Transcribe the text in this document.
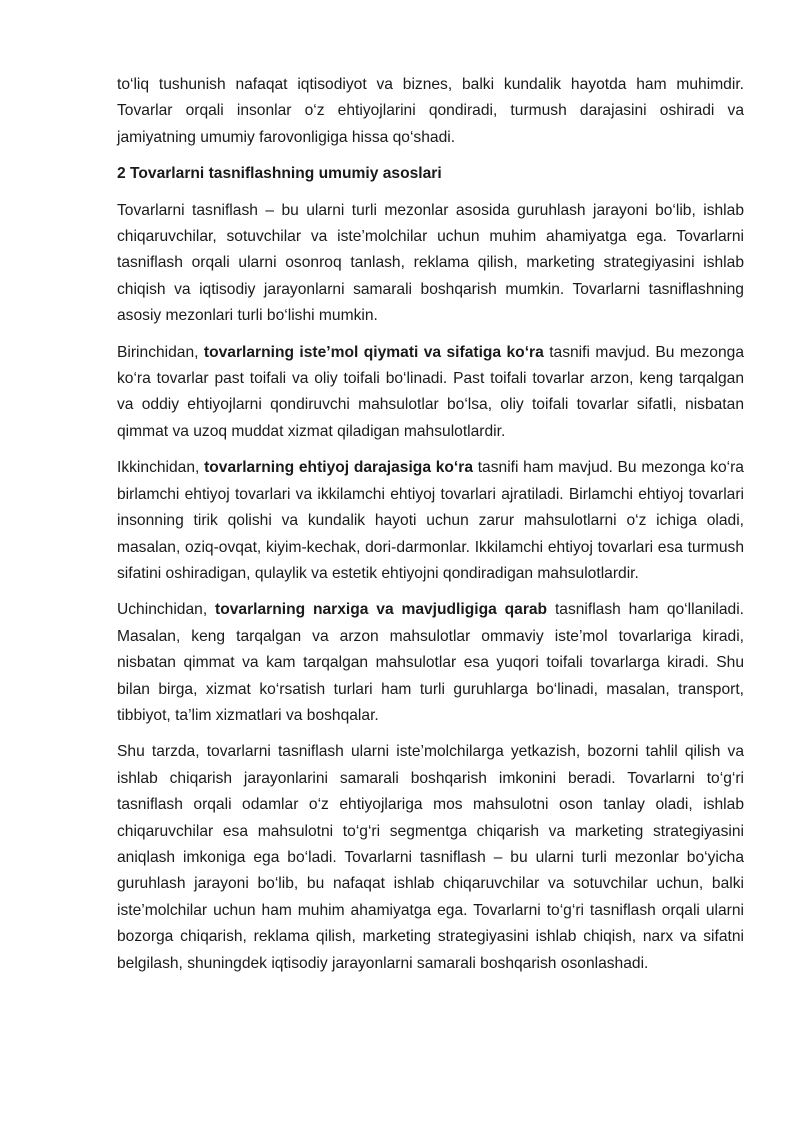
to‘liq tushunish nafaqat iqtisodiyot va biznes, balki kundalik hayotda ham muhimdir. Tovarlar orqali insonlar o‘z ehtiyojlarini qondiradi, turmush darajasini oshiradi va jamiyatning umumiy farovonligiga hissa qo‘shadi.

2 Tovarlarni tasniflashning umumiy asoslari

Tovarlarni tasniflash – bu ularni turli mezonlar asosida guruhlash jarayoni bo‘lib, ishlab chiqaruvchilar, sotuvchilar va iste’molchilar uchun muhim ahamiyatga ega. Tovarlarni tasniflash orqali ularni osonroq tanlash, reklama qilish, marketing strategiyasini ishlab chiqish va iqtisodiy jarayonlarni samarali boshqarish mumkin. Tovarlarni tasniflashning asosiy mezonlari turli bo‘lishi mumkin.

Birinchidan, tovarlarning iste’mol qiymati va sifatiga ko‘ra tasnifi mavjud. Bu mezonga ko‘ra tovarlar past toifali va oliy toifali bo‘linadi. Past toifali tovarlar arzon, keng tarqalgan va oddiy ehtiyojlarni qondiruvchi mahsulotlar bo‘lsa, oliy toifali tovarlar sifatli, nisbatan qimmat va uzoq muddat xizmat qiladigan mahsulotlardir.

Ikkinchidan, tovarlarning ehtiyoj darajasiga ko‘ra tasnifi ham mavjud. Bu mezonga ko‘ra birlamchi ehtiyoj tovarlari va ikkilamchi ehtiyoj tovarlari ajratiladi. Birlamchi ehtiyoj tovarlari insonning tirik qolishi va kundalik hayoti uchun zarur mahsulotlarni o‘z ichiga oladi, masalan, oziq-ovqat, kiyim-kechak, dori-darmonlar. Ikkilamchi ehtiyoj tovarlari esa turmush sifatini oshiradigan, qulaylik va estetik ehtiyojni qondiradigan mahsulotlardir.

Uchinchidan, tovarlarning narxiga va mavjudligiga qarab tasniflash ham qo‘llaniladi. Masalan, keng tarqalgan va arzon mahsulotlar ommaviy iste’mol tovarlariga kiradi, nisbatan qimmat va kam tarqalgan mahsulotlar esa yuqori toifali tovarlarga kiradi. Shu bilan birga, xizmat ko‘rsatish turlari ham turli guruhlarga bo‘linadi, masalan, transport, tibbiyot, ta’lim xizmatlari va boshqalar.

Shu tarzda, tovarlarni tasniflash ularni iste’molchilarga yetkazish, bozorni tahlil qilish va ishlab chiqarish jarayonlarini samarali boshqarish imkonini beradi. Tovarlarni to‘g‘ri tasniflash orqali odamlar o‘z ehtiyojlariga mos mahsulotni oson tanlay oladi, ishlab chiqaruvchilar esa mahsulotni to‘g‘ri segmentga chiqarish va marketing strategiyasini aniqlash imkoniga ega bo‘ladi. Tovarlarni tasniflash – bu ularni turli mezonlar bo‘yicha guruhlash jarayoni bo‘lib, bu nafaqat ishlab chiqaruvchilar va sotuvchilar uchun, balki iste’molchilar uchun ham muhim ahamiyatga ega. Tovarlarni to‘g‘ri tasniflash orqali ularni bozorga chiqarish, reklama qilish, marketing strategiyasini ishlab chiqish, narx va sifatni belgilash, shuningdek iqtisodiy jarayonlarni samarali boshqarish osonlashadi.
